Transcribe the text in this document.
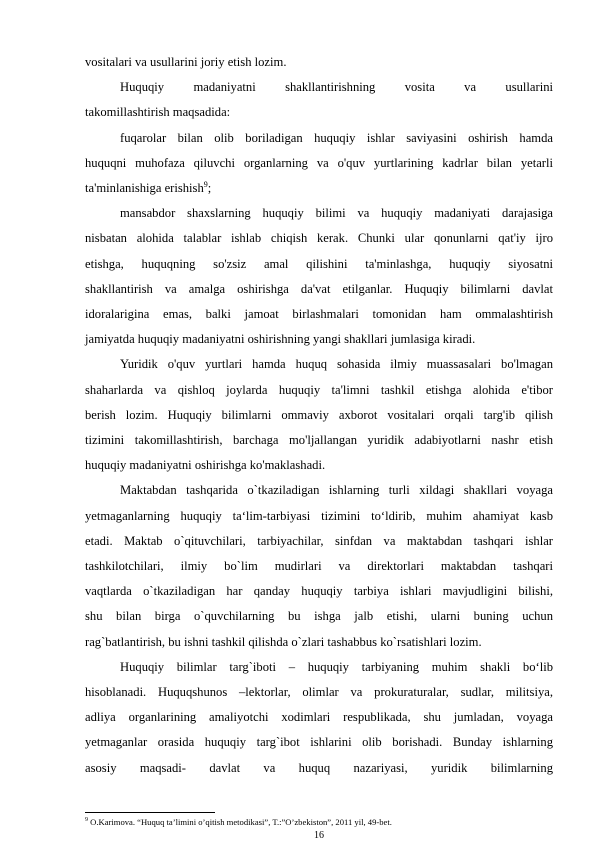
vositalari va usullarini joriy etish lozim.
Huquqiy madaniyatni shakllantirishning vosita va usullarini
takomillashtirish maqsadida:
fuqarolar bilan olib boriladigan huquqiy ishlar saviyasini oshirish hamda
huquqni muhofaza qiluvchi organlarning va o'quv yurtlarining kadrlar bilan yetarli
ta'minlanishiga erishish$^9$;
mansabdor shaxslarning huquqiy bilimi va huquqiy madaniyati darajasiga
nisbatan alohida talablar ishlab chiqish kerak. Chunki ular qonunlarni qat'iy ijro
etishga, huquqning so'zsiz amal qilishini ta'minlashga, huquqiy siyosatni
shakllantirish va amalga oshirishga da'vat etilganlar. Huquqiy bilimlarni davlat
idoralarigina emas, balki jamoat birlashmalari tomonidan ham ommalashtirish
jamiyatda huquqiy madaniyatni oshirishning yangi shakllari jumlasiga kiradi.
Yuridik o'quv yurtlari hamda huquq sohasida ilmiy muassasalari bo'lmagan
shaharlarda va qishloq joylarda huquqiy ta'limni tashkil etishga alohida e'tibor
berish lozim. Huquqiy bilimlarni ommaviy axborot vositalari orqali targ'ib qilish
tizimini takomillashtirish, barchaga mo'ljallangan yuridik adabiyotlarni nashr etish
huquqiy madaniyatni oshirishga ko'maklashadi.
Maktabdan tashqarida o`tkaziladigan ishlarning turli xildagi shakllari voyaga
yetmaganlarning huquqiy ta‘lim-tarbiyasi tizimini to‘ldirib, muhim ahamiyat kasb
etadi. Maktab o`qituvchilari, tarbiyachilar, sinfdan va maktabdan tashqari ishlar
tashkilotchilari, ilmiy bo`lim mudirlari va direktorlari maktabdan tashqari
vaqtlarda o`tkaziladigan har qanday huquqiy tarbiya ishlari mavjudligini bilishi,
shu bilan birga o`quvchilarning bu ishga jalb etishi, ularni buning uchun
rag`batlantirish, bu ishni tashkil qilishda o`zlari tashabbus ko`rsatishlari lozim.
Huquqiy bilimlar targ`iboti – huquqiy tarbiyaning muhim shakli bo‘lib
hisoblanadi. Huquqshunos –lektorlar, olimlar va prokuraturalar, sudlar, militsiya,
adliya organlarining amaliyotchi xodimlari respublikada, shu jumladan, voyaga
yetmaganlar orasida huquqiy targ`ibot ishlarini olib borishadi. Bunday ishlarning
asosiy maqsadi- davlat va huquq nazariyasi, yuridik bilimlarning
$^9$ O.Karimova. “Huquq ta’limini o’qitish metodikasi”, T.:”O’zbekiston”, 2011 yil, 49-bet.
16
